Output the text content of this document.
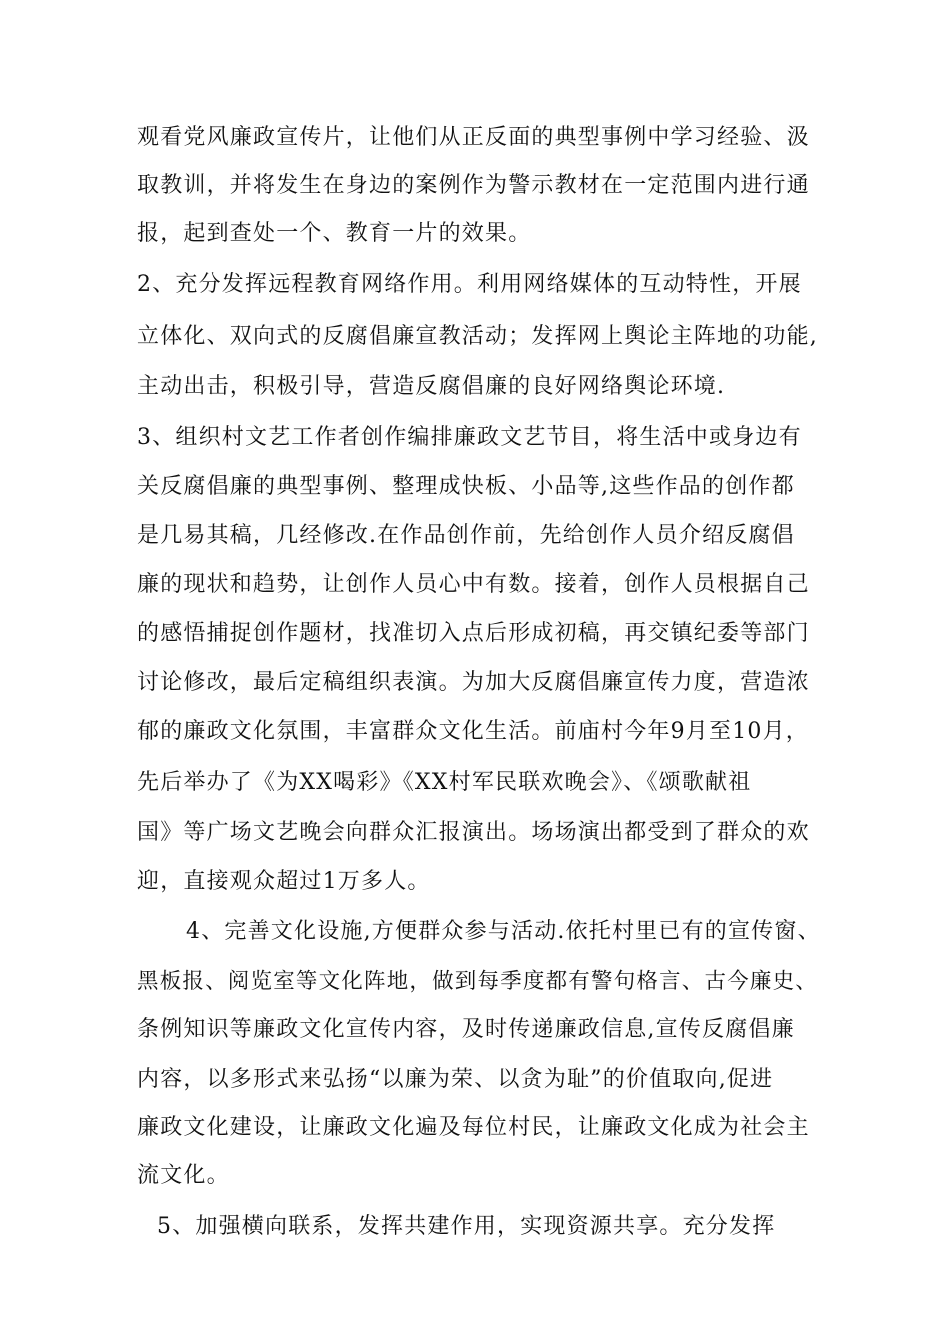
观看党风廉政宣传片，让他们从正反面的典型事例中学习经验、汲
取教训，并将发生在身边的案例作为警示教材在一定范围内进行通
报，起到查处一个、教育一片的效果。
2、充分发挥远程教育网络作用。利用网络媒体的互动特性，开展
立体化、双向式的反腐倡廉宣教活动；发挥网上舆论主阵地的功能,
主动出击，积极引导，营造反腐倡廉的良好网络舆论环境.
3、组织村文艺工作者创作编排廉政文艺节目，将生活中或身边有
关反腐倡廉的典型事例、整理成快板、小品等,这些作品的创作都
是几易其稿，几经修改.在作品创作前，先给创作人员介绍反腐倡
廉的现状和趋势，让创作人员心中有数。接着，创作人员根据自己
的感悟捕捉创作题材，找准切入点后形成初稿，再交镇纪委等部门
讨论修改，最后定稿组织表演。为加大反腐倡廉宣传力度，营造浓
郁的廉政文化氛围，丰富群众文化生活。前庙村今年9月至10月，
先后举办了《为XX喝彩》《XX村军民联欢晚会》、《颂歌献祖
国》等广场文艺晚会向群众汇报演出。场场演出都受到了群众的欢
迎，直接观众超过1万多人。
4、完善文化设施,方便群众参与活动.依托村里已有的宣传窗、
黑板报、阅览室等文化阵地，做到每季度都有警句格言、古今廉史、
条例知识等廉政文化宣传内容，及时传递廉政信息,宣传反腐倡廉
内容，以多形式来弘扬“以廉为荣、以贪为耻”的价值取向,促进
廉政文化建设，让廉政文化遍及每位村民，让廉政文化成为社会主
流文化。
5、加强横向联系，发挥共建作用，实现资源共享。充分发挥
